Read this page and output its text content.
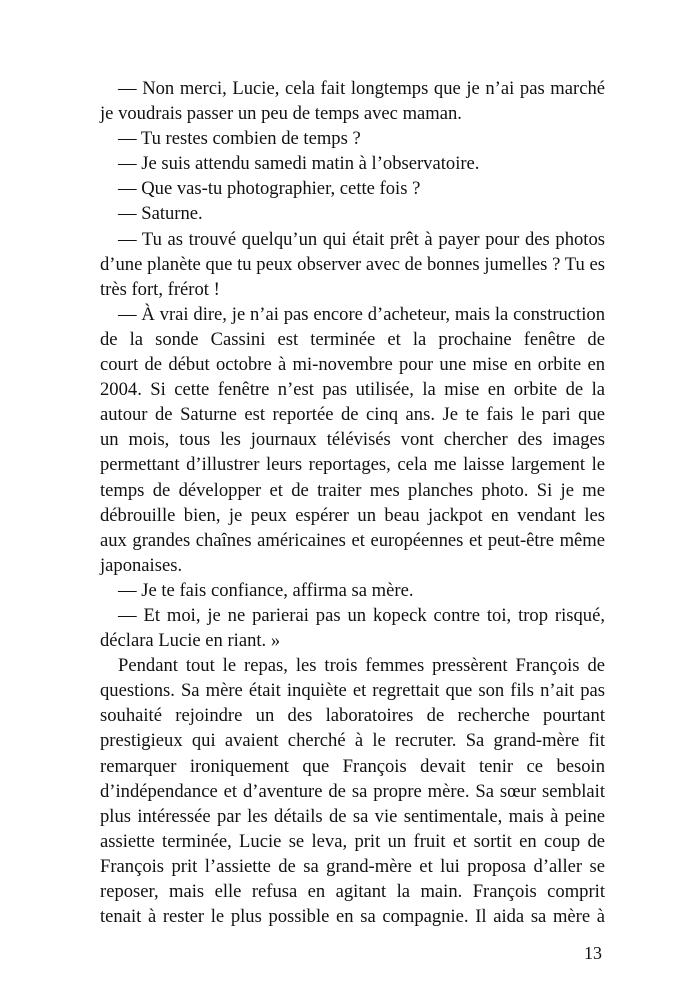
— Non merci, Lucie, cela fait longtemps que je n’ai pas marché
je voudrais passer un peu de temps avec maman.
— Tu restes combien de temps ?
— Je suis attendu samedi matin à l’observatoire.
— Que vas-tu photographier, cette fois ?
— Saturne.
— Tu as trouvé quelqu’un qui était prêt à payer pour des photos
d’une planète que tu peux observer avec de bonnes jumelles ? Tu es
très fort, frérot !
— À vrai dire, je n’ai pas encore d’acheteur, mais la construction
de la sonde Cassini est terminée et la prochaine fenêtre de
court de début octobre à mi-novembre pour une mise en orbite en
2004. Si cette fenêtre n’est pas utilisée, la mise en orbite de la
autour de Saturne est reportée de cinq ans. Je te fais le pari que
un mois, tous les journaux télévisés vont chercher des images
permettant d’illustrer leurs reportages, cela me laisse largement le
temps de développer et de traiter mes planches photo. Si je me
débrouille bien, je peux espérer un beau jackpot en vendant les
aux grandes chaînes américaines et européennes et peut-être même
japonaises.
— Je te fais confiance, affirma sa mère.
— Et moi, je ne parierai pas un kopeck contre toi, trop risqué,
déclara Lucie en riant. »
Pendant tout le repas, les trois femmes pressèrent François de
questions. Sa mère était inquiète et regrettait que son fils n’ait pas
souhaité rejoindre un des laboratoires de recherche pourtant
prestigieux qui avaient cherché à le recruter. Sa grand-mère fit
remarquer ironiquement que François devait tenir ce besoin
d’indépendance et d’aventure de sa propre mère. Sa sœur semblait
plus intéressée par les détails de sa vie sentimentale, mais à peine
assiette terminée, Lucie se leva, prit un fruit et sortit en coup de
François prit l’assiette de sa grand-mère et lui proposa d’aller se
reposer, mais elle refusa en agitant la main. François comprit
tenait à rester le plus possible en sa compagnie. Il aida sa mère à
13
